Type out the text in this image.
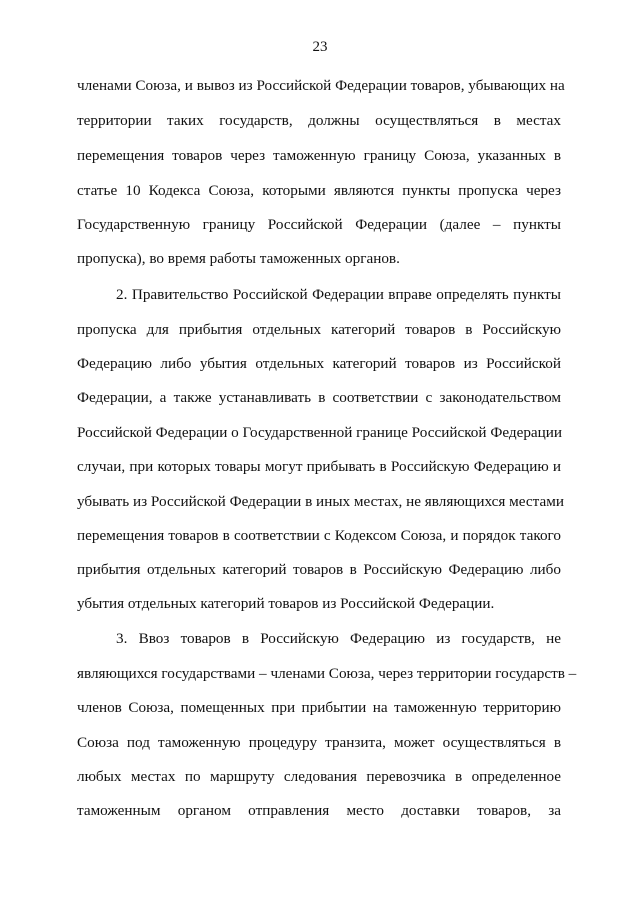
23
членами Союза, и вывоз из Российской Федерации товаров, убывающих на
территории таких государств, должны осуществляться в местах
перемещения товаров через таможенную границу Союза, указанных в
статье 10 Кодекса Союза, которыми являются пункты пропуска через
Государственную границу Российской Федерации (далее – пункты
пропуска), во время работы таможенных органов.
2. Правительство Российской Федерации вправе определять пункты
пропуска для прибытия отдельных категорий товаров в Российскую
Федерацию либо убытия отдельных категорий товаров из Российской
Федерации, а также устанавливать в соответствии с законодательством
Российской Федерации о Государственной границе Российской Федерации
случаи, при которых товары могут прибывать в Российскую Федерацию и
убывать из Российской Федерации в иных местах, не являющихся местами
перемещения товаров в соответствии с Кодексом Союза, и порядок такого
прибытия отдельных категорий товаров в Российскую Федерацию либо
убытия отдельных категорий товаров из Российской Федерации.
3. Ввоз товаров в Российскую Федерацию из государств, не
являющихся государствами – членами Союза, через территории государств –
членов Союза, помещенных при прибытии на таможенную территорию
Союза под таможенную процедуру транзита, может осуществляться в
любых местах по маршруту следования перевозчика в определенное
таможенным органом отправления место доставки товаров, за
